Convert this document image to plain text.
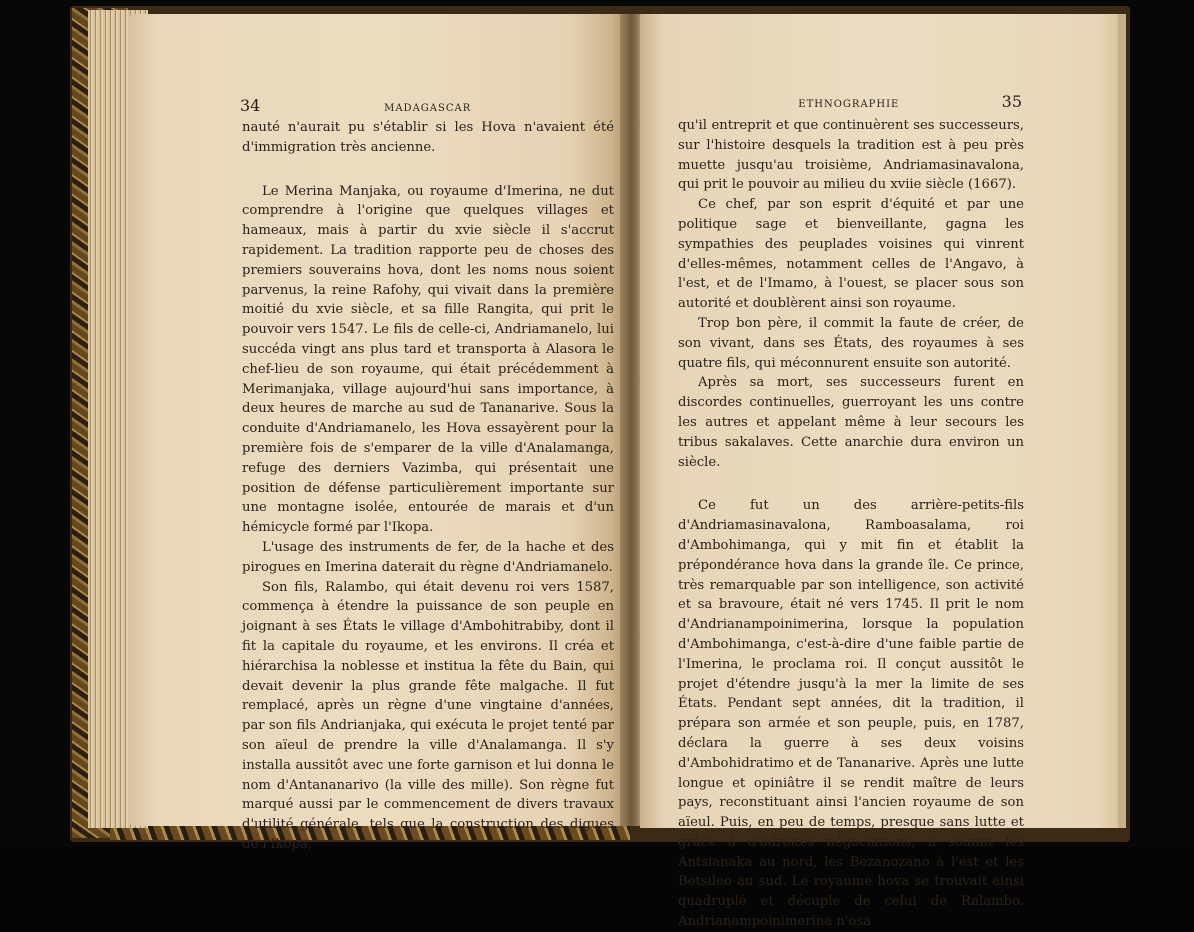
34	MADAGASCAR

nauté n'aurait pu s'établir si les Hova n'avaient été d'immigration très ancienne.

Le Merina Manjaka, ou royaume d'Imerina, ne dut comprendre à l'origine que quelques villages et hameaux, mais à partir du xvie siècle il s'accrut rapidement. La tradition rapporte peu de choses des premiers souverains hova, dont les noms nous soient parvenus, la reine Rafohy, qui vivait dans la première moitié du xvie siècle, et sa fille Rangita, qui prit le pouvoir vers 1547. Le fils de celle-ci, Andriamanelo, lui succéda vingt ans plus tard et transporta à Alasora le chef-lieu de son royaume, qui était précédemment à Merimanjaka, village aujourd'hui sans importance, à deux heures de marche au sud de Tananarive. Sous la conduite d'Andriamanelo, les Hova essayèrent pour la première fois de s'emparer de la ville d'Analamanga, refuge des derniers Vazimba, qui présentait une position de défense particulièrement importante sur une montagne isolée, entourée de marais et d'un hémicycle formé par l'Ikopa.

L'usage des instruments de fer, de la hache et des pirogues en Imerina daterait du règne d'Andriamanelo.

Son fils, Ralambo, qui était devenu roi vers 1587, commença à étendre la puissance de son peuple en joignant à ses États le village d'Ambohitrabiby, dont il fit la capitale du royaume, et les environs. Il créa et hiérarchisa la noblesse et institua la fête du Bain, qui devait devenir la plus grande fête malgache. Il fut remplacé, après un règne d'une vingtaine d'années, par son fils Andrianjaka, qui exécuta le projet tenté par son aïeul de prendre la ville d'Analamanga. Il s'y installa aussitôt avec une forte garnison et lui donna le nom d'Antananarivo (la ville des mille). Son règne fut marqué aussi par le commencement de divers travaux d'utilité générale, tels que la construction des digues de l'Ikopa,

ETHNOGRAPHIE	35

qu'il entreprit et que continuèrent ses successeurs, sur l'histoire desquels la tradition est à peu près muette jusqu'au troisième, Andriamasinavalona, qui prit le pouvoir au milieu du xviie siècle (1667).

Ce chef, par son esprit d'équité et par une politique sage et bienveillante, gagna les sympathies des peuplades voisines qui vinrent d'elles-mêmes, notamment celles de l'Angavo, à l'est, et de l'Imamo, à l'ouest, se placer sous son autorité et doublèrent ainsi son royaume.

Trop bon père, il commit la faute de créer, de son vivant, dans ses États, des royaumes à ses quatre fils, qui méconnurent ensuite son autorité.

Après sa mort, ses successeurs furent en discordes continuelles, guerroyant les uns contre les autres et appelant même à leur secours les tribus sakalaves. Cette anarchie dura environ un siècle.

Ce fut un des arrière-petits-fils d'Andriamasinavalona, Ramboasalama, roi d'Ambohimanga, qui y mit fin et établit la prépondérance hova dans la grande île. Ce prince, très remarquable par son intelligence, son activité et sa bravoure, était né vers 1745. Il prit le nom d'Andrianampoinimerina, lorsque la population d'Ambohimanga, c'est-à-dire d'une faible partie de l'Imerina, le proclama roi. Il conçut aussitôt le projet d'étendre jusqu'à la mer la limite de ses États. Pendant sept années, dit la tradition, il prépara son armée et son peuple, puis, en 1787, déclara la guerre à ses deux voisins d'Ambohidratimo et de Tananarive. Après une lutte longue et opiniâtre il se rendit maître de leurs pays, reconstituant ainsi l'ancien royaume de son aïeul. Puis, en peu de temps, presque sans lutte et grâce à d'adroites négociations, il soumit les Antsianaka au nord, les Bezanozano à l'est et les Betsileo au sud. Le royaume hova se trouvait ainsi quadruplé et décuple de celui de Ralambo. Andrianampoinimerina n'osa
